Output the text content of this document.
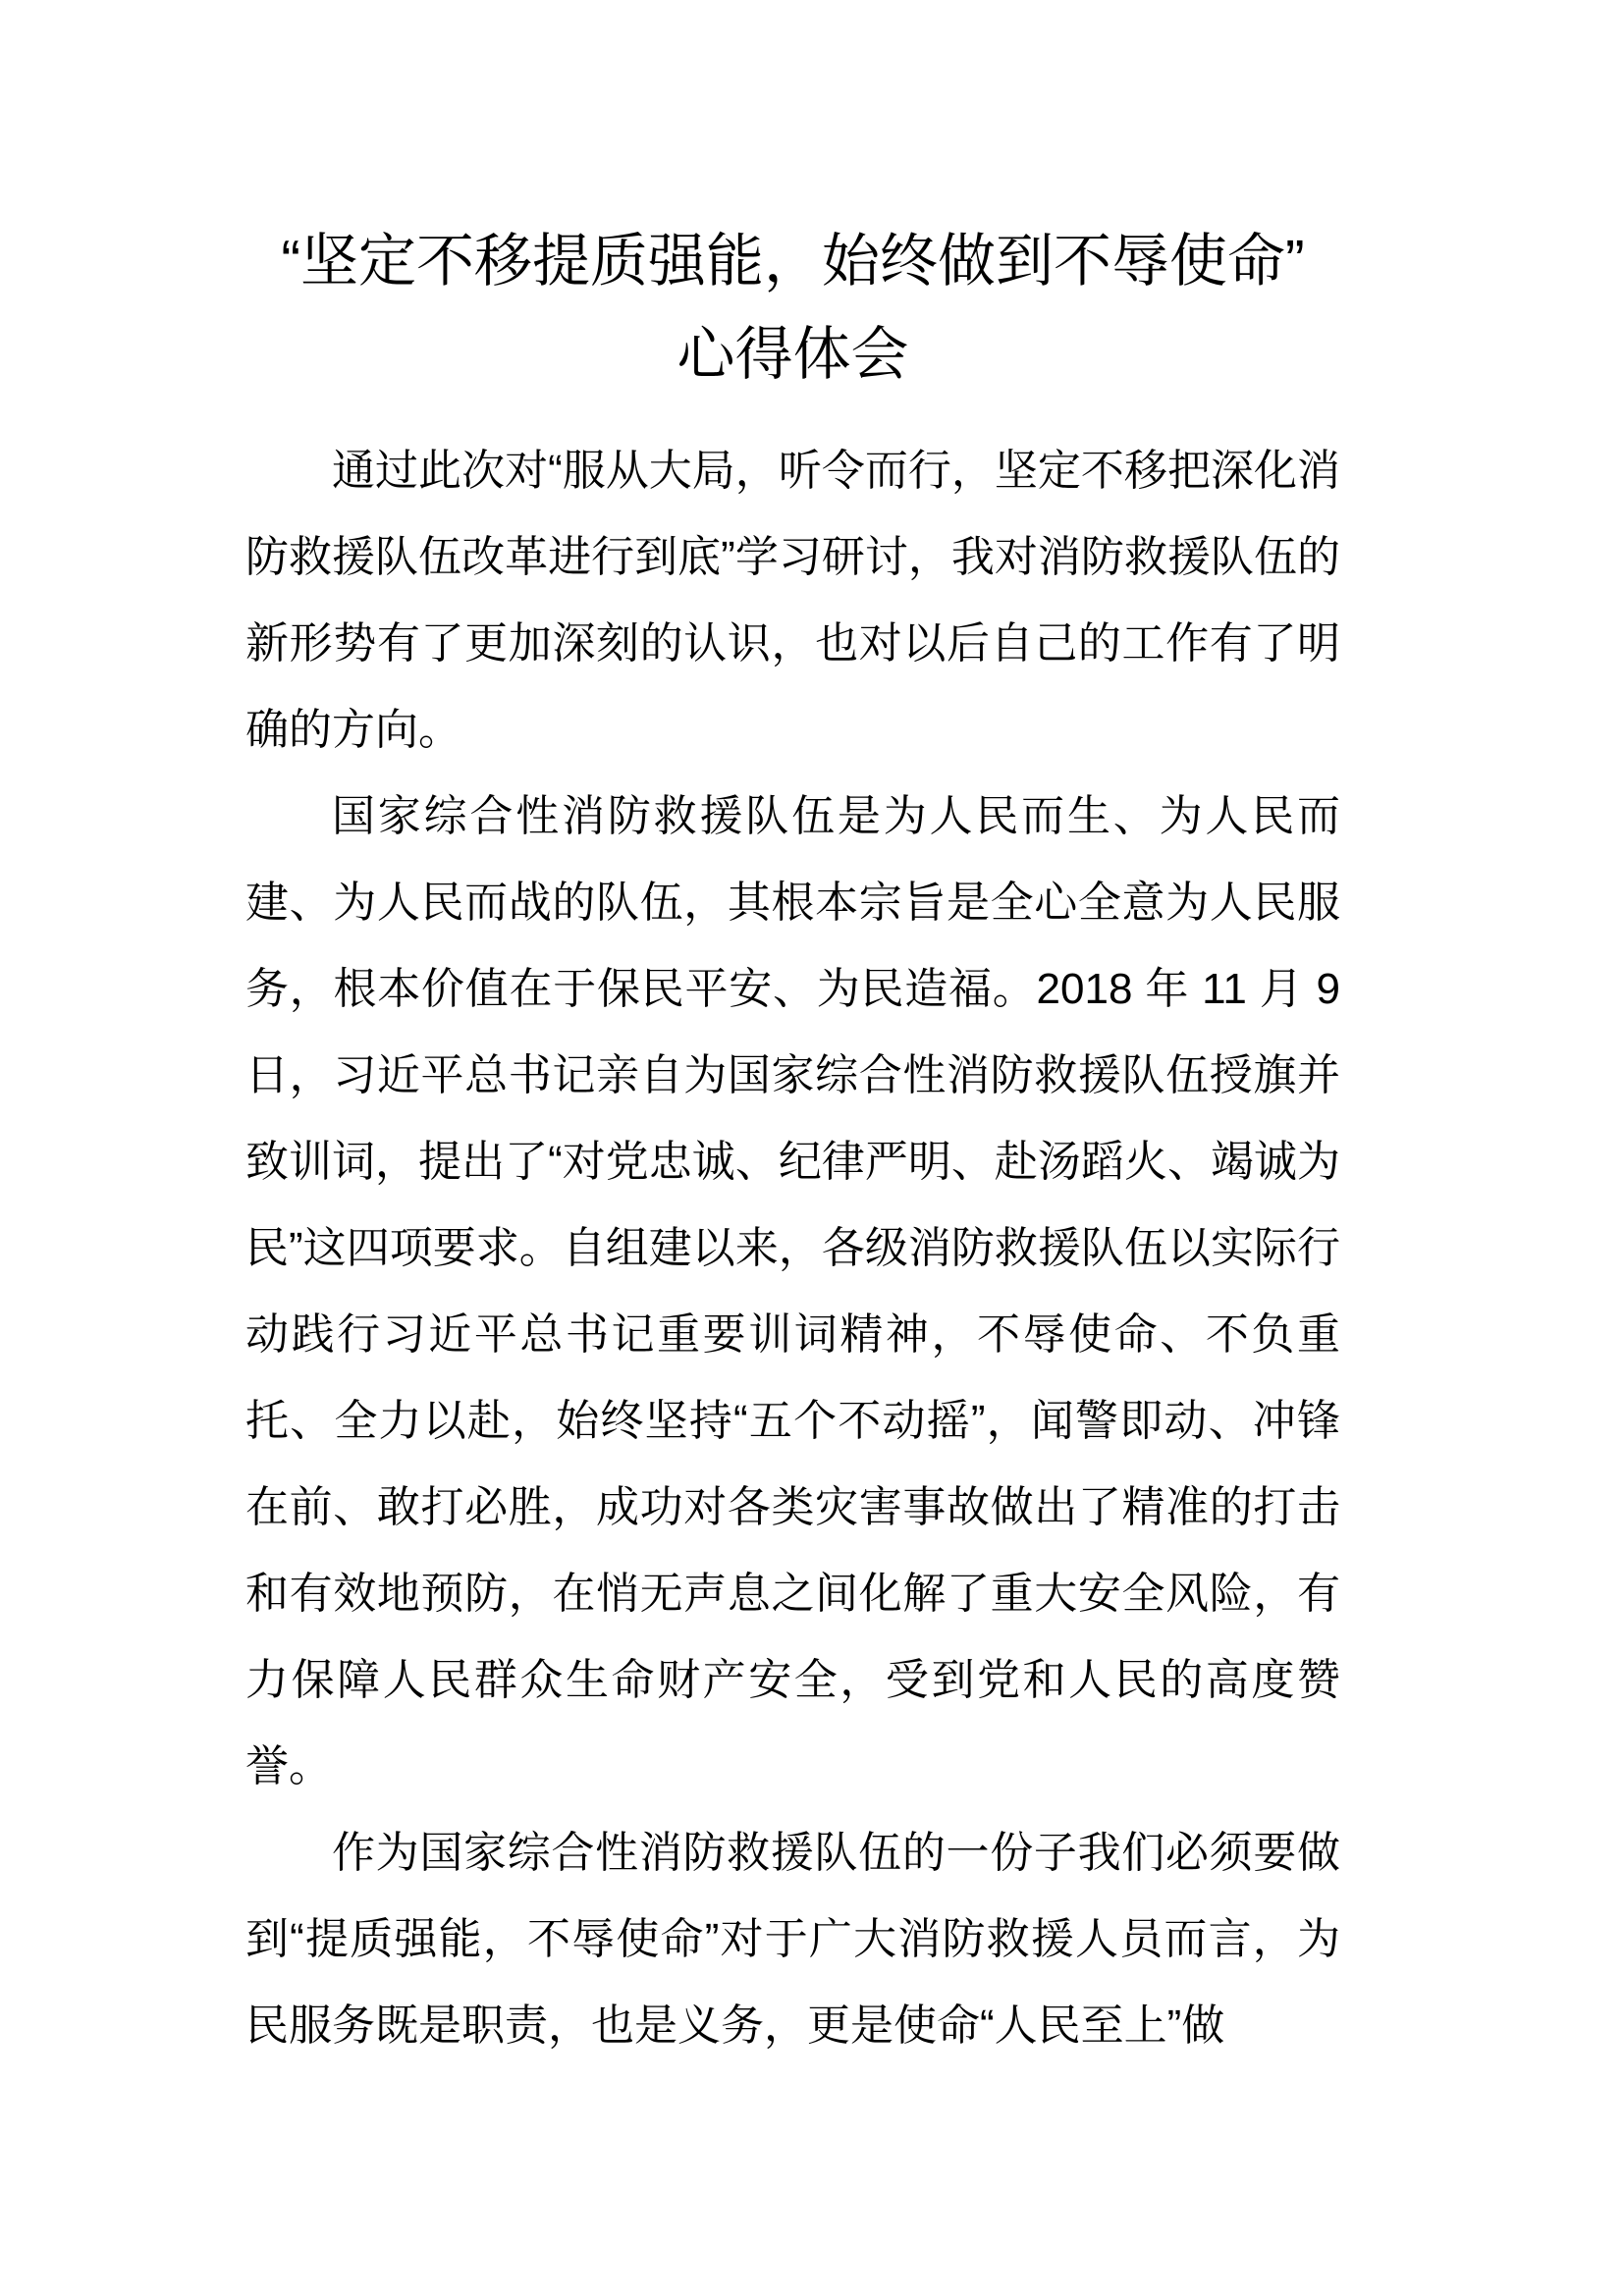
“坚定不移提质强能，始终做到不辱使命”
心得体会

通过此次对“服从大局，听令而行，坚定不移把深化消防救援队伍改革进行到底”学习研讨，我对消防救援队伍的新形势有了更加深刻的认识，也对以后自己的工作有了明确的方向。

国家综合性消防救援队伍是为人民而生、为人民而建、为人民而战的队伍，其根本宗旨是全心全意为人民服务，根本价值在于保民平安、为民造福。2018 年 11 月 9 日，习近平总书记亲自为国家综合性消防救援队伍授旗并致训词，提出了“对党忠诚、纪律严明、赴汤蹈火、竭诚为民”这四项要求。自组建以来，各级消防救援队伍以实际行动践行习近平总书记重要训词精神，不辱使命、不负重托、全力以赴，始终坚持“五个不动摇”，闻警即动、冲锋在前、敢打必胜，成功对各类灾害事故做出了精准的打击和有效地预防，在悄无声息之间化解了重大安全风险，有力保障人民群众生命财产安全，受到党和人民的高度赞誉。

作为国家综合性消防救援队伍的一份子我们必须要做到“提质强能，不辱使命”对于广大消防救援人员而言，为民服务既是职责，也是义务，更是使命“人民至上”做
